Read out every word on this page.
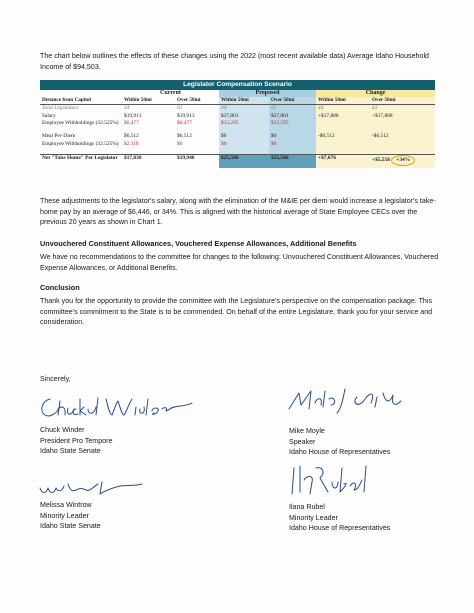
The chart below outlines the effects of these changes using the 2022 (most recent available data) Average Idaho Household Income of $94,503.

Legislator Compensation Scenario						
	Current		Proposed		Change	
Distance from Capitol	Within 50mi	Over 50mi	Within 50mi	Over 50mi	Within 50mi	Over 50mi
Total Legislators	44	61	44	61	44	61
Salary	$19,913	$19,913	$37,801	$37,801	+$17,888	+$17,888
Employee Withholdings (32.525%)	$6,477	$6,477	$12,295	$12,295		
Meal Per-Diem	$6,512	$6,512	$0	$0	-$6,512	-$6,512
Employee Withholdings (32.525%)	$2,118	$0	$0	$0		
Net "Take Home" Per Legislator	$17,830	$19,948	$25,506	$25,506	+$7,676	+$5,558 +34%

These adjustments to the legislator's salary, along with the elimination of the M&IE per diem would increase a legislator's take-home pay by an average of $6,446, or 34%. This is aligned with the historical average of State Employee CECs over the previous 20 years as shown in Chart 1.

Unvouchered Constituent Allowances, Vouchered Expense Allowances, Additional Benefits

We have no recommendations to the committee for changes to the following: Unvouchered Constituent Allowances, Vouchered Expense Allowances, or Additional Benefits.

Conclusion

Thank you for the opportunity to provide the committee with the Legislature's perspective on the compensation package. This committee's commitment to the State is to be commended. On behalf of the entire Legislature, thank you for your service and consideration.

Sincerely,

Chuck Winder
President Pro Tempore
Idaho State Senate
Mike Moyle
Speaker
Idaho House of Representatives
Melissa Wintrow
Minority Leader
Idaho State Senate
Ilana Rubel
Minority Leader
Idaho House of Representatives
